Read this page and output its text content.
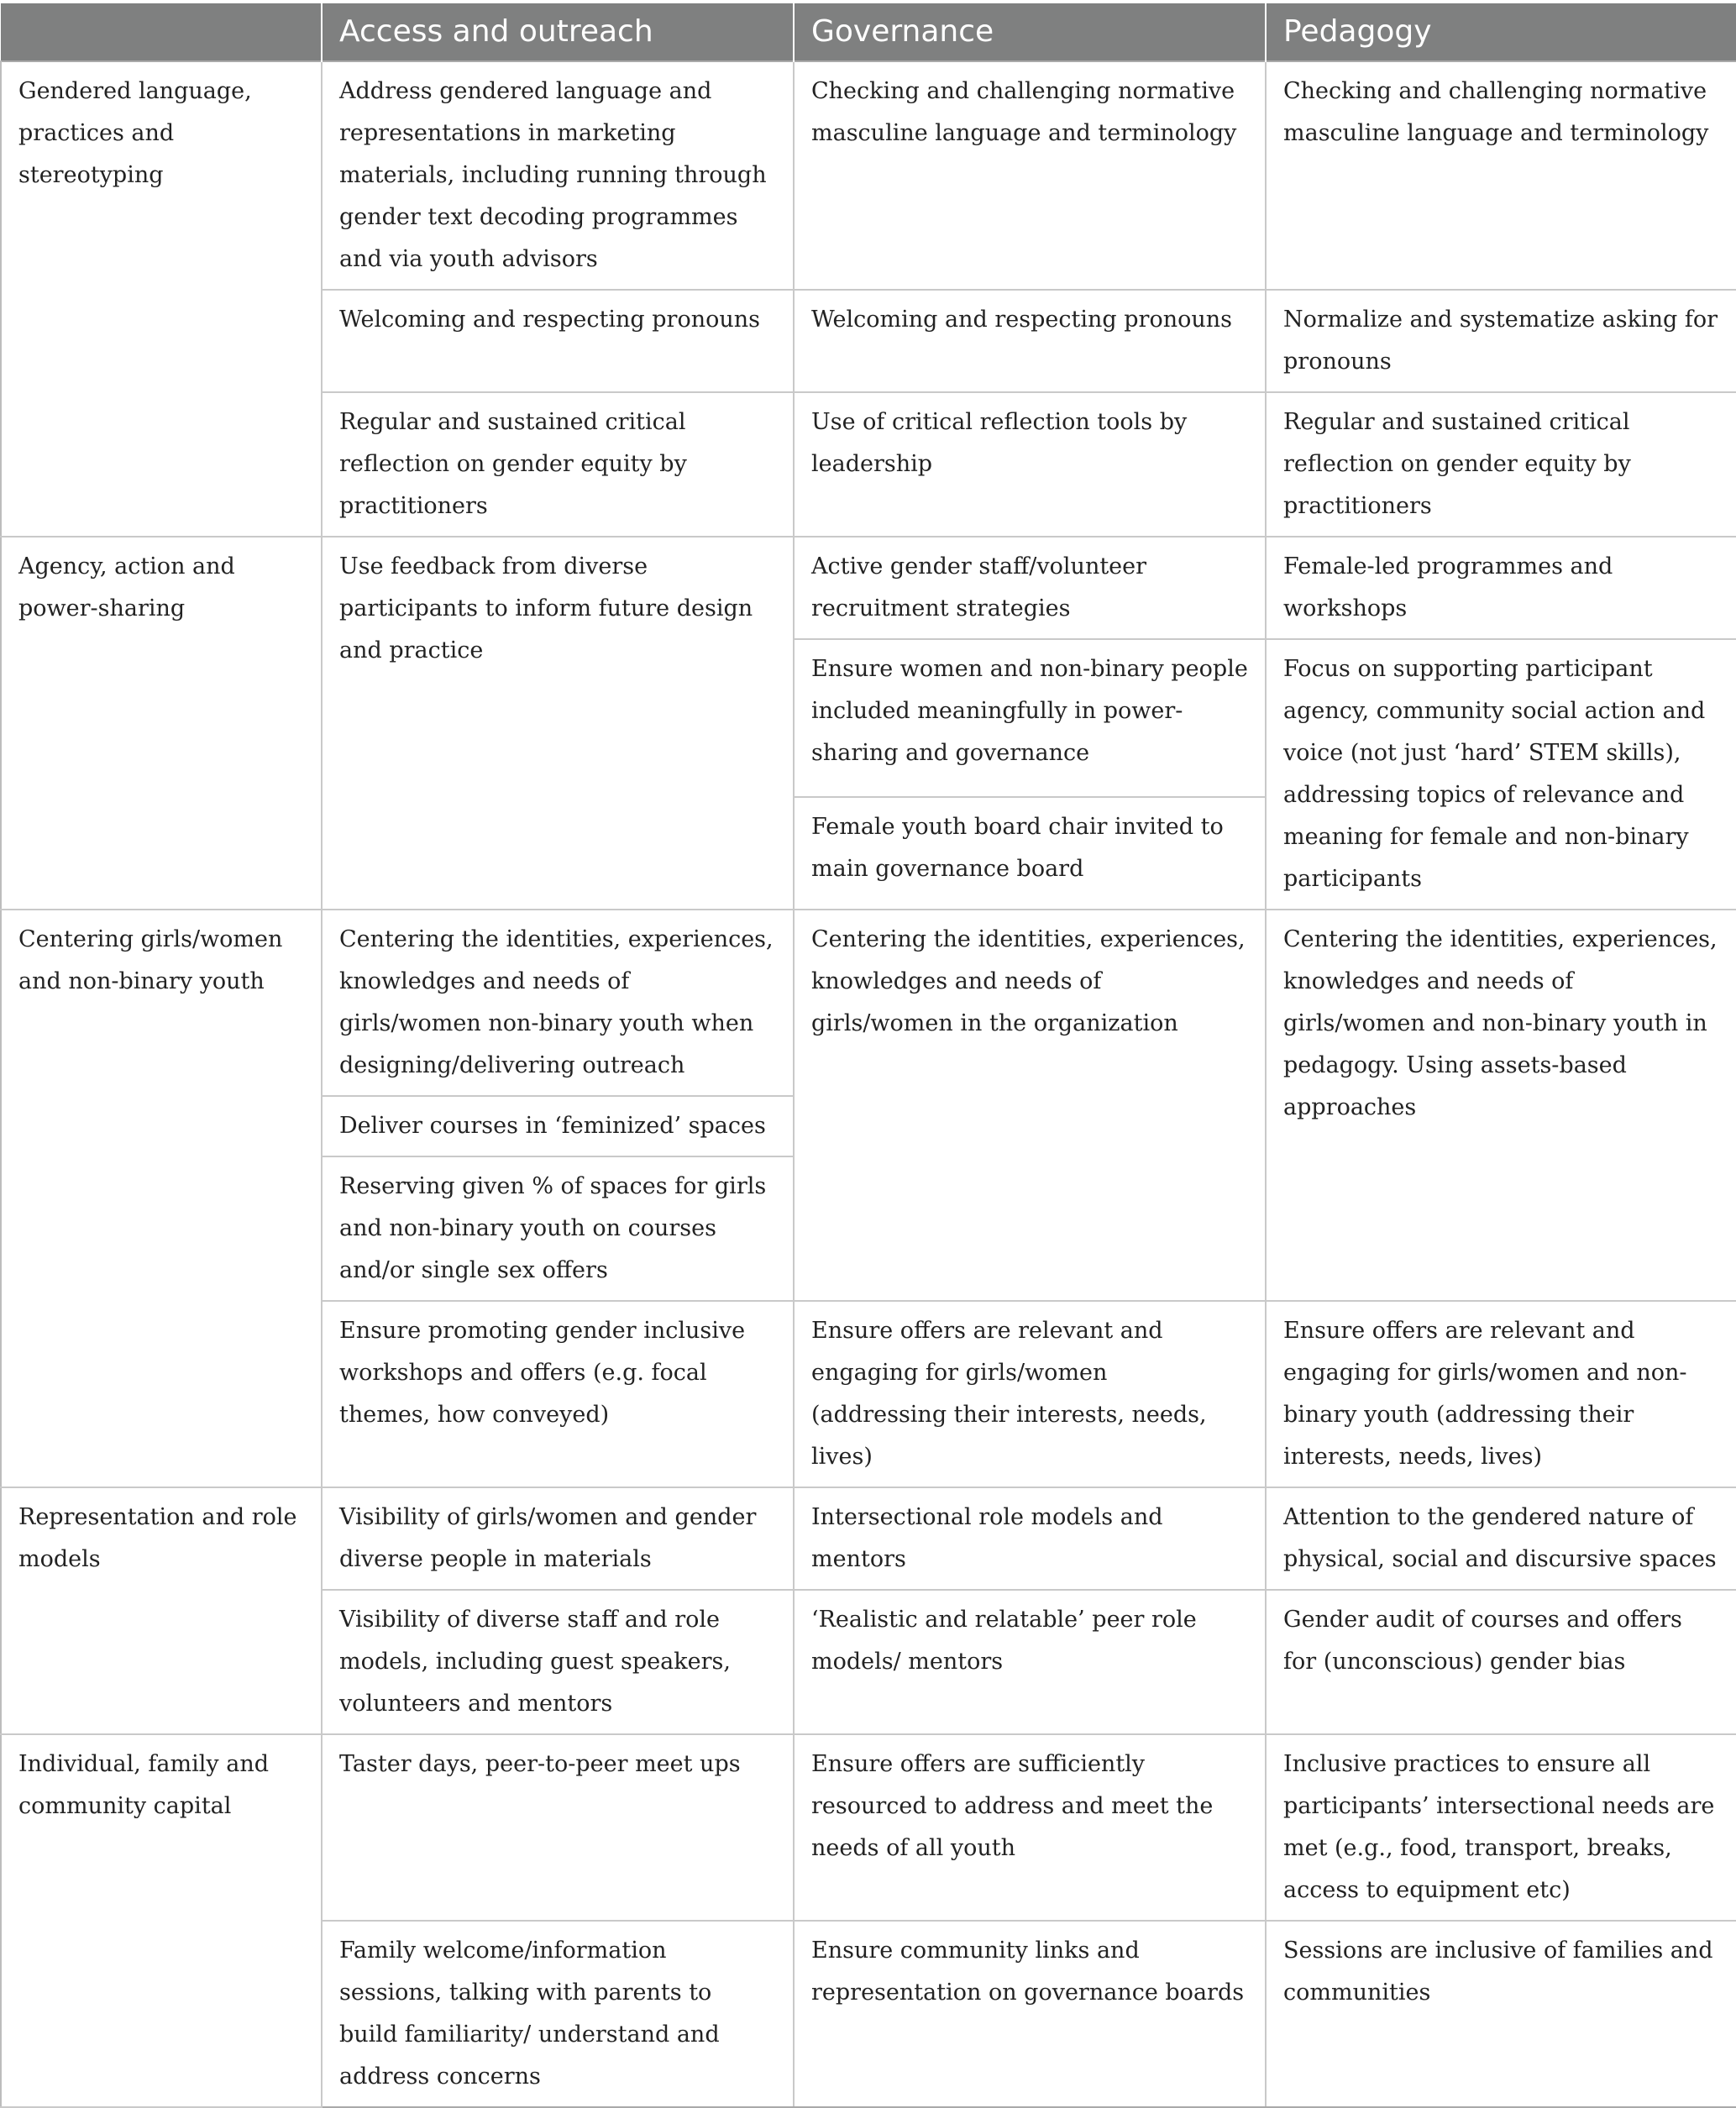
	Access and outreach	Governance	Pedagogy
Gendered language, practices and stereotyping	Address gendered language and representations in marketing materials, including running through gender text decoding programmes and via youth advisors	Checking and challenging normative masculine language and terminology	Checking and challenging normative masculine language and terminology
	Welcoming and respecting pronouns	Welcoming and respecting pronouns	Normalize and systematize asking for pronouns
	Regular and sustained critical reflection on gender equity by practitioners	Use of critical reflection tools by leadership	Regular and sustained critical reflection on gender equity by practitioners
Agency, action and power-sharing	Use feedback from diverse participants to inform future design and practice	Active gender staff/volunteer recruitment strategies	Female-led programmes and workshops
		Ensure women and non-binary people included meaningfully in power-sharing and governance	Focus on supporting participant agency, community social action and voice (not just ‘hard’ STEM skills), addressing topics of relevance and meaning for female and non-binary participants
		Female youth board chair invited to main governance board	
Centering girls/women and non-binary youth	Centering the identities, experiences, knowledges and needs of girls/women non-binary youth when designing/delivering outreach	Centering the identities, experiences, knowledges and needs of girls/women in the organization	Centering the identities, experiences, knowledges and needs of girls/women and non-binary youth in pedagogy. Using assets-based approaches
	Deliver courses in ‘feminized’ spaces		
	Reserving given % of spaces for girls and non-binary youth on courses and/or single sex offers		
	Ensure promoting gender inclusive workshops and offers (e.g. focal themes, how conveyed)	Ensure offers are relevant and engaging for girls/women (addressing their interests, needs, lives)	Ensure offers are relevant and engaging for girls/women and non-binary youth (addressing their interests, needs, lives)
Representation and role models	Visibility of girls/women and gender diverse people in materials	Intersectional role models and mentors	Attention to the gendered nature of physical, social and discursive spaces
	Visibility of diverse staff and role models, including guest speakers, volunteers and mentors	‘Realistic and relatable’ peer role models/ mentors	Gender audit of courses and offers for (unconscious) gender bias
Individual, family and community capital	Taster days, peer-to-peer meet ups	Ensure offers are sufficiently resourced to address and meet the needs of all youth	Inclusive practices to ensure all participants’ intersectional needs are met (e.g., food, transport, breaks, access to equipment etc)
	Family welcome/information sessions, talking with parents to build familiarity/ understand and address concerns	Ensure community links and representation on governance boards	Sessions are inclusive of families and communities
